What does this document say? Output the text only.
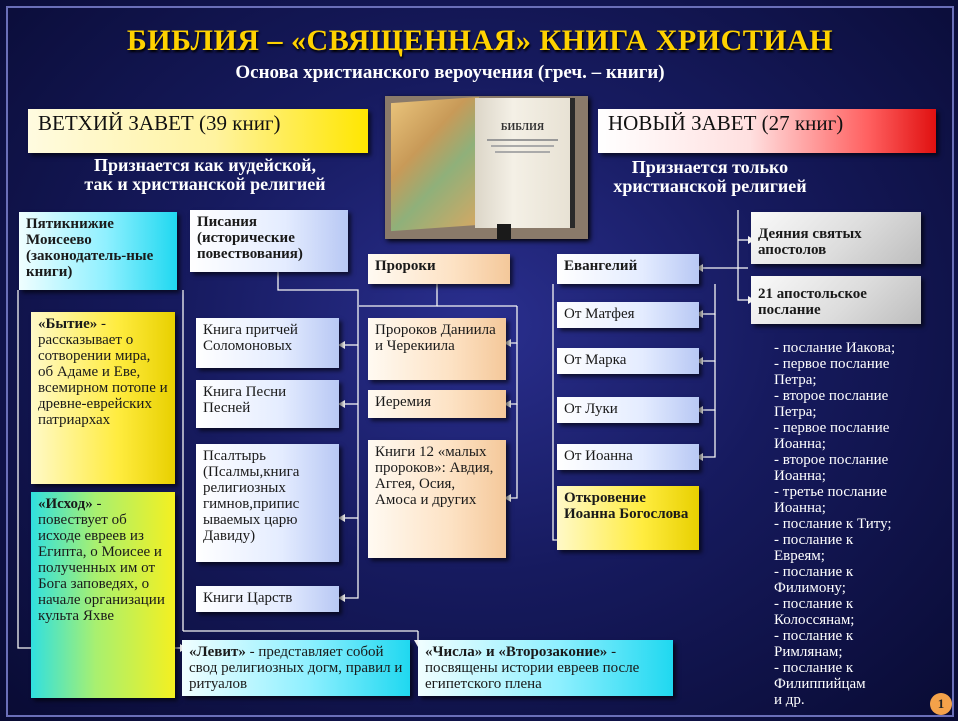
БИБЛИЯ – «СВЯЩЕННАЯ» КНИГА ХРИСТИАН
Основа христианского вероучения (греч. – книги)
ВЕТХИЙ ЗАВЕТ (39 книг)	НОВЫЙ ЗАВЕТ (27 книг)
Признается как иудейской,
так и христианской религией
Признается только
христианской религией
БИБЛИЯ
Пятикнижие Моисеево (законодатель-ные книги)
«Бытие» - рассказывает о сотворении мира, об Адаме и Еве, всемирном потопе и древне-еврейских патриархах
«Исход» - повествует об исходе евреев из Египта, о Моисее и полученных им от Бога заповедях, о начале организации культа Яхве
«Левит» - представляет собой свод религиозных догм, правил и ритуалов
«Числа» и «Второзаконие» - посвящены истории евреев после египетского плена
Писания (исторические повествования)
Книга притчей Соломоновых
Книга Песни Песней
Псалтырь (Псалмы,книга религиозных гимнов,припис ываемых царю Давиду)
Книги Царств
Пророки
Пророков Даниила и Черекиила
Иеремия
Книги 12 «малых пророков»: Авдия, Аггея, Осия, Амоса и других
Евангелий
От Матфея
От Марка
От Луки
От Иоанна
Откровение Иоанна Богослова
Деяния святых апостолов
21 апостольское послание
- послание Иакова;
- первое послание
Петра;
- второе послание
Петра;
- первое послание
Иоанна;
- второе послание
Иоанна;
- третье послание
Иоанна;
- послание к Титу;
- послание к
Евреям;
- послание к
Филимону;
- послание к
Колоссянам;
- послание к
Римлянам;
- послание к
Филиппийцам
и др.	1
